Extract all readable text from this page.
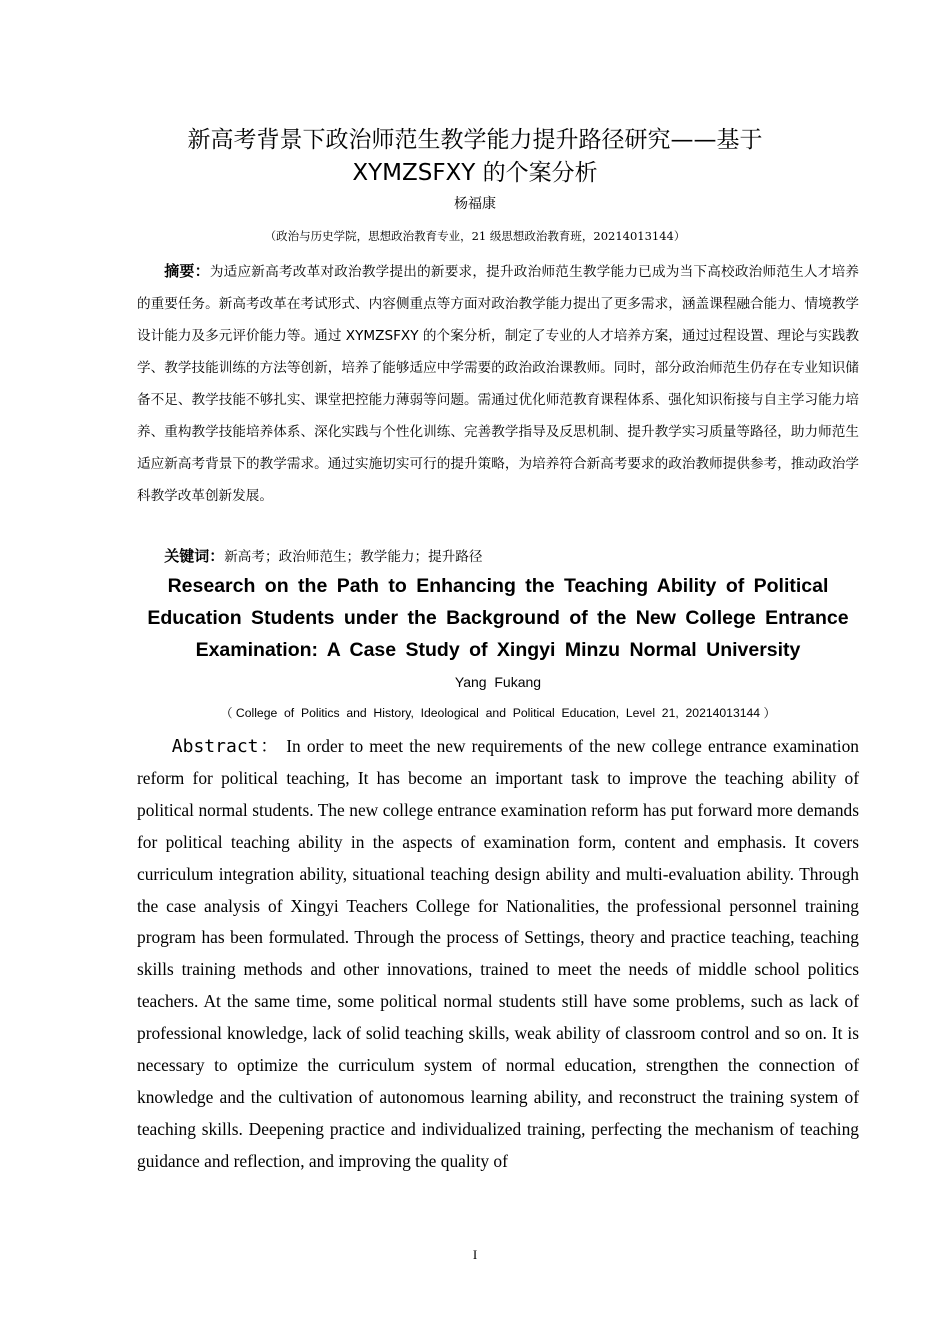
新高考背景下政治师范生教学能力提升路径研究——基于
XYMZSFXY 的个案分析
杨福康
（政治与历史学院，思想政治教育专业，21 级思想政治教育班，20214013144）

摘要：为适应新高考改革对政治教学提出的新要求，提升政治师范生教学能力已成为当下高校政治师范生人才培养的重要任务。新高考改革在考试形式、内容侧重点等方面对政治教学能力提出了更多需求，涵盖课程融合能力、情境教学设计能力及多元评价能力等。通过 XYMZSFXY 的个案分析，制定了专业的人才培养方案，通过过程设置、理论与实践教学、教学技能训练的方法等创新，培养了能够适应中学需要的政治政治课教师。同时，部分政治师范生仍存在专业知识储备不足、教学技能不够扎实、课堂把控能力薄弱等问题。需通过优化师范教育课程体系、强化知识衔接与自主学习能力培养、重构教学技能培养体系、深化实践与个性化训练、完善教学指导及反思机制、提升教学实习质量等路径，助力师范生适应新高考背景下的教学需求。通过实施切实可行的提升策略，为培养符合新高考要求的政治教师提供参考，推动政治学科教学改革创新发展。

关键词：新高考；政治师范生；教学能力；提升路径

Research on the Path to Enhancing the Teaching Ability of Political
Education Students under the Background of the New College Entrance
Examination: A Case Study of Xingyi Minzu Normal University
Yang  Fukang
（ College  of  Politics  and  History,  Ideological  and  Political  Education,  Level  21,  20214013144 ）

Abstract： In order to meet the new requirements of the new college entrance examination reform for political teaching, It has become an important task to improve the teaching ability of political normal students. The new college entrance examination reform has put forward more demands for political teaching ability in the aspects of examination form, content and emphasis. It covers curriculum integration ability, situational teaching design ability and multi-evaluation ability. Through the case analysis of Xingyi Teachers College for Nationalities, the professional personnel training program has been formulated. Through the process of Settings, theory and practice teaching, teaching skills training methods and other innovations, trained to meet the needs of middle school politics teachers. At the same time, some political normal students still have some problems, such as lack of professional knowledge, lack of solid teaching skills, weak ability of classroom control and so on. It is necessary to optimize the curriculum system of normal education, strengthen the connection of knowledge and the cultivation of autonomous learning ability, and reconstruct the training system of teaching skills. Deepening practice and individualized training, perfecting the mechanism of teaching guidance and reflection, and improving the quality of

I
